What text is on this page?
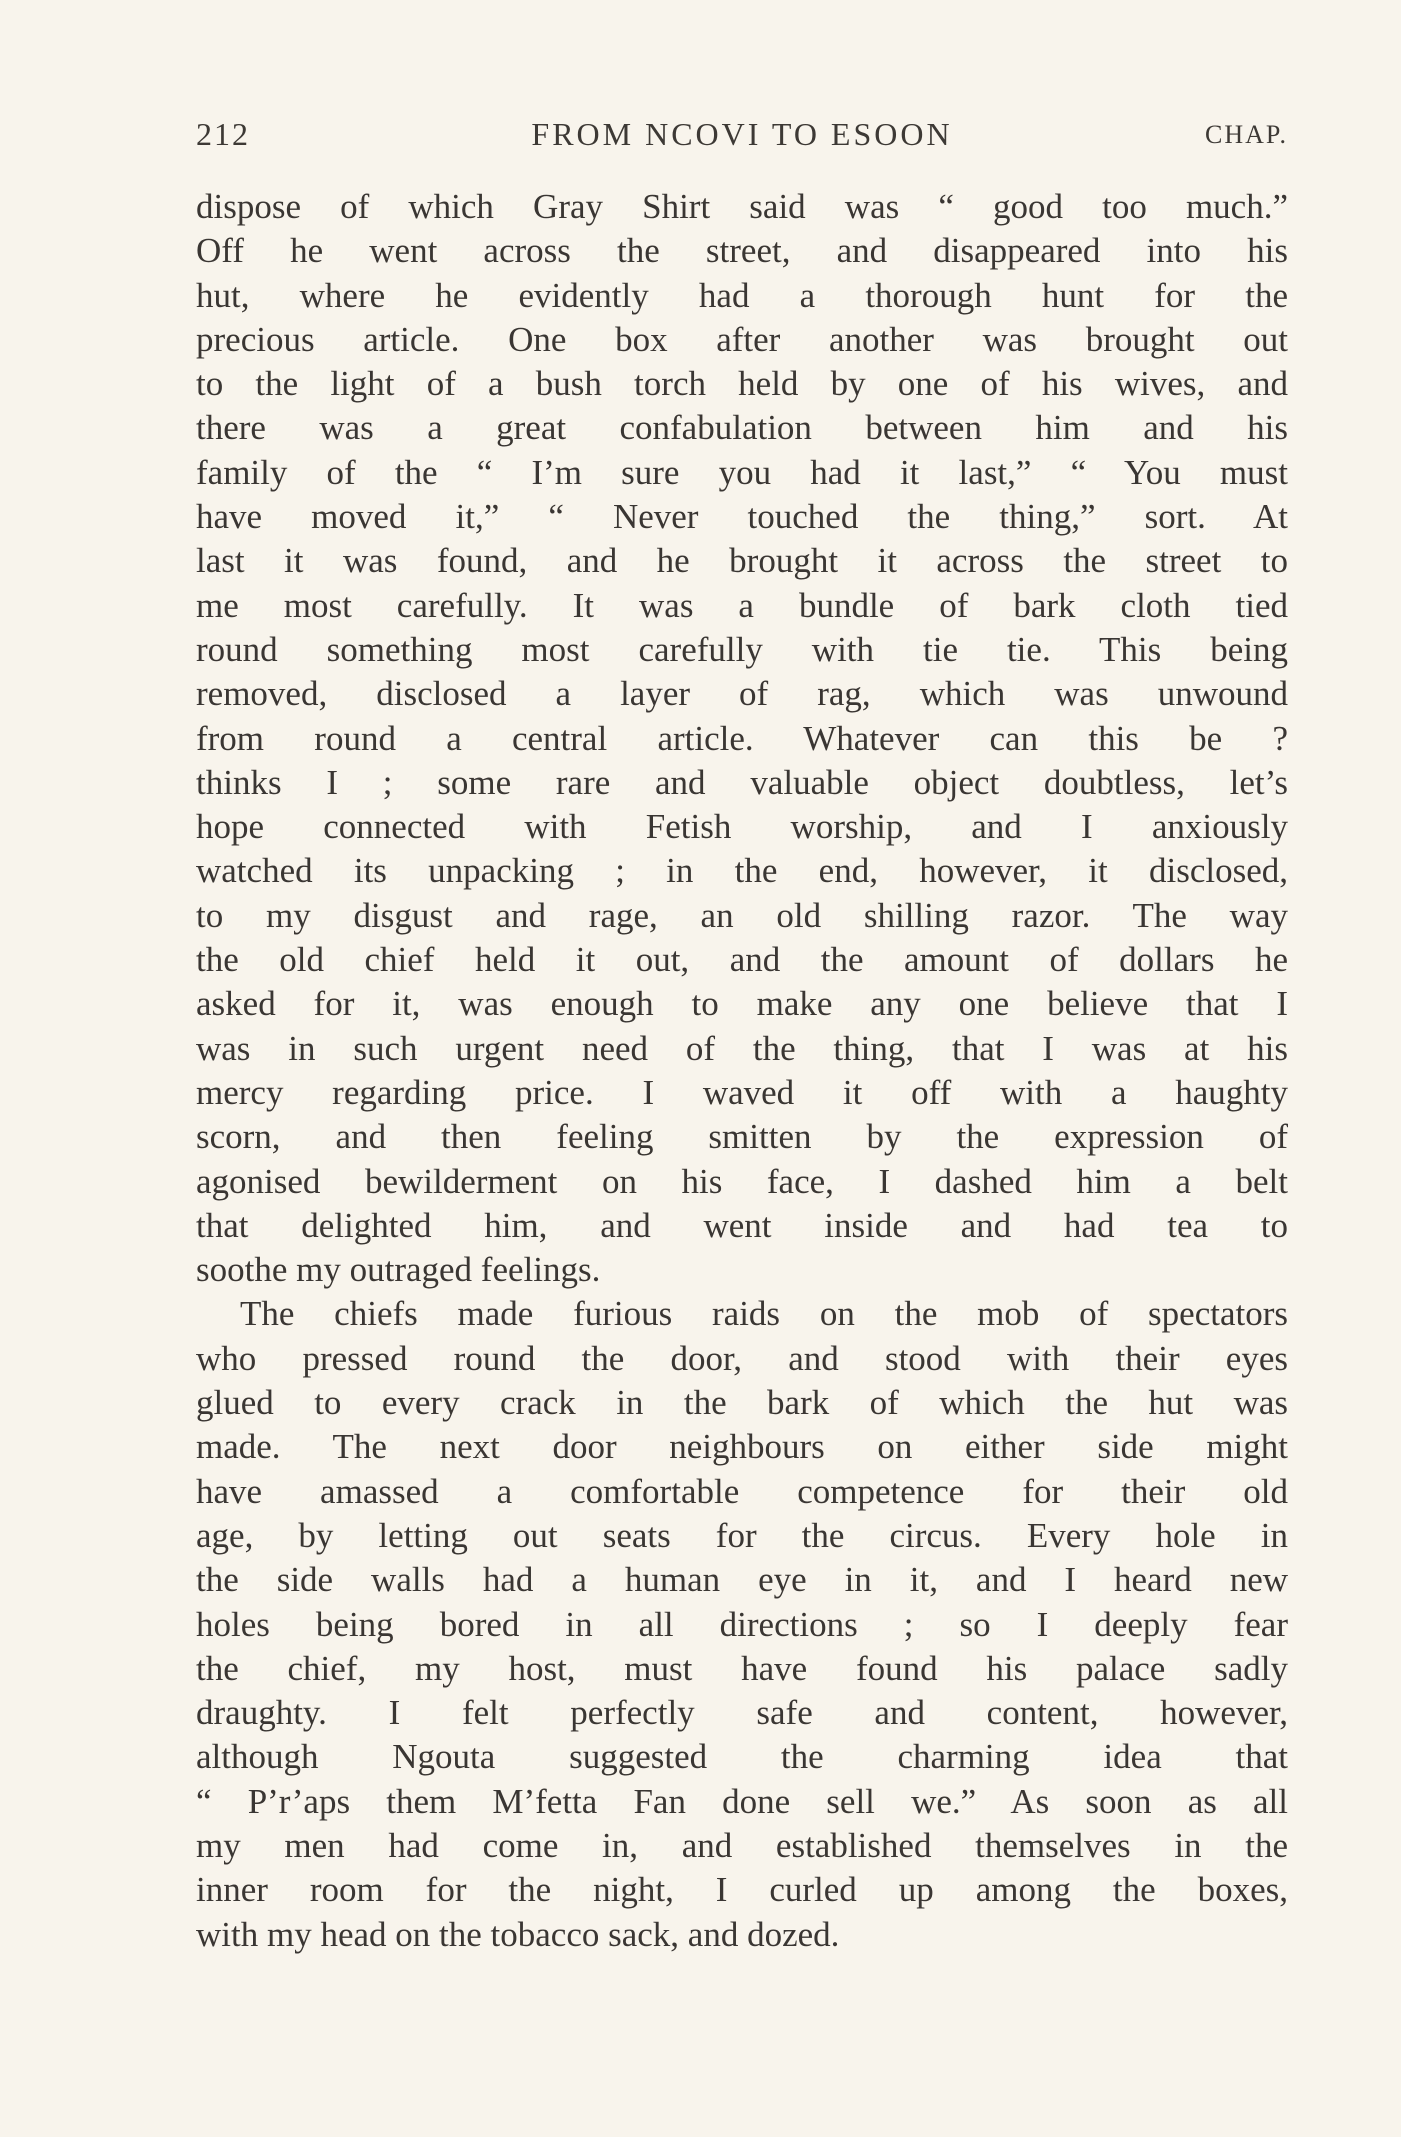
212	FROM NCOVI TO ESOON	CHAP.

dispose of which Gray Shirt said was “ good too much.”
Off he went across the street, and disappeared into his
hut, where he evidently had a thorough hunt for the
precious article. One box after another was brought out
to the light of a bush torch held by one of his wives, and
there was a great confabulation between him and his
family of the “ I’m sure you had it last,” “ You must
have moved it,” “ Never touched the thing,” sort. At
last it was found, and he brought it across the street to
me most carefully. It was a bundle of bark cloth tied
round something most carefully with tie tie. This being
removed, disclosed a layer of rag, which was unwound
from round a central article. Whatever can this be ?
thinks I ; some rare and valuable object doubtless, let’s
hope connected with Fetish worship, and I anxiously
watched its unpacking ; in the end, however, it disclosed,
to my disgust and rage, an old shilling razor. The way
the old chief held it out, and the amount of dollars he
asked for it, was enough to make any one believe that I
was in such urgent need of the thing, that I was at his
mercy regarding price. I waved it off with a haughty
scorn, and then feeling smitten by the expression of
agonised bewilderment on his face, I dashed him a belt
that delighted him, and went inside and had tea to
soothe my outraged feelings.

The chiefs made furious raids on the mob of spectators
who pressed round the door, and stood with their eyes
glued to every crack in the bark of which the hut was
made. The next door neighbours on either side might
have amassed a comfortable competence for their old
age, by letting out seats for the circus. Every hole in
the side walls had a human eye in it, and I heard new
holes being bored in all directions ; so I deeply fear
the chief, my host, must have found his palace sadly
draughty. I felt perfectly safe and content, however,
although Ngouta suggested the charming idea that
“ P’r’aps them M’fetta Fan done sell we.” As soon as all
my men had come in, and established themselves in the
inner room for the night, I curled up among the boxes,
with my head on the tobacco sack, and dozed.
